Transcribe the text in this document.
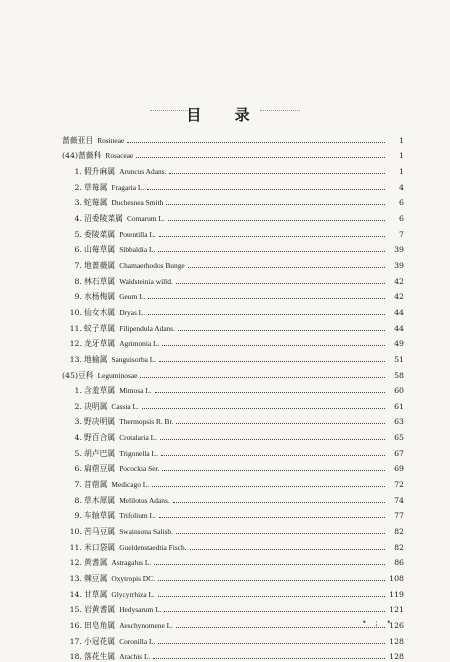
目 录
蔷薇亚目 Rosineae	1
(44)蔷薇科 Rosaceae	1
1. 假升麻属 Aruncus Adans.	1
2. 草莓属 Fragaria L.	4
3. 蛇莓属 Duchesnea Smith	6
4. 沼委陵菜属 Comarum L.	6
5. 委陵菜属 Potentilla L.	7
6. 山莓草属 Sibbaldia L.	39
7. 地蔷薇属 Chamaerhodos Bunge	39
8. 林石草属 Waldsteinia willd.	42
9. 水杨梅属 Geum L.	42
10. 仙女木属 Dryas L.	44
11. 蚊子草属 Filipendula Adans.	44
12. 龙牙草属 Agrimonia L.	49
13. 地榆属 Sanguisorba L.	51
(45)豆科 Leguminosae	58
1. 含羞草属 Mimosa L.	60
2. 决明属 Cassia L.	61
3. 野决明属 Thermopsis R. Br.	63
4. 野百合属 Crotalaria L.	65
5. 胡卢巴属 Trigonella L.	67
6. 扁蓿豆属 Pocockia Ser.	69
7. 苜蓿属 Medicago L.	72
8. 草木犀属 Melilotus Adans.	74
9. 车轴草属 Trifolium L.	77
10. 苦马豆属 Swainsona Salisb.	82
11. 米口袋属 Gueldenstaedtia Fisch.	82
12. 黄耆属 Astragalus L.	86
13. 棘豆属 Oxytropis DC.	108
14. 甘草属 Glycyrrhiza L.	119
15. 岩黄耆属 Hedysarum L.	121
16. 田皂角属 Aeschynomene L.	126
17. 小冠花属 Coronilla L.	128
18. 落花生属 Arachis L.	128
• ; •
